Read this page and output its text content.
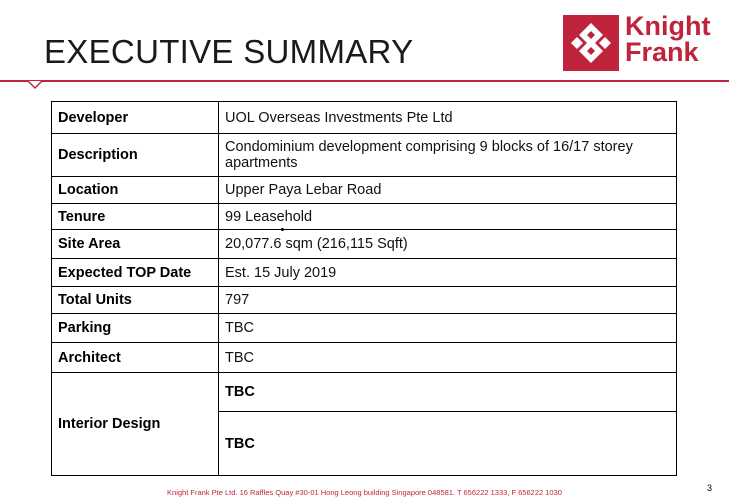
EXECUTIVE SUMMARY
Knight
Frank
Developer	UOL Overseas Investments Pte Ltd
Description	Condominium development comprising 9 blocks of 16/17 storey apartments
Location	Upper Paya Lebar Road
Tenure	99 Leasehold
Site Area	20,077.6 sqm (216,115 Sqft)
Expected TOP Date	Est. 15 July 2019
Total Units	797
Parking	TBC
Architect	TBC
Interior Design	TBC
	TBC
Knight Frank Pte Ltd. 16 Raffles Quay #30-01 Hong Leong building Singapore 048581. T 656222 1333, F 656222 1030	3
